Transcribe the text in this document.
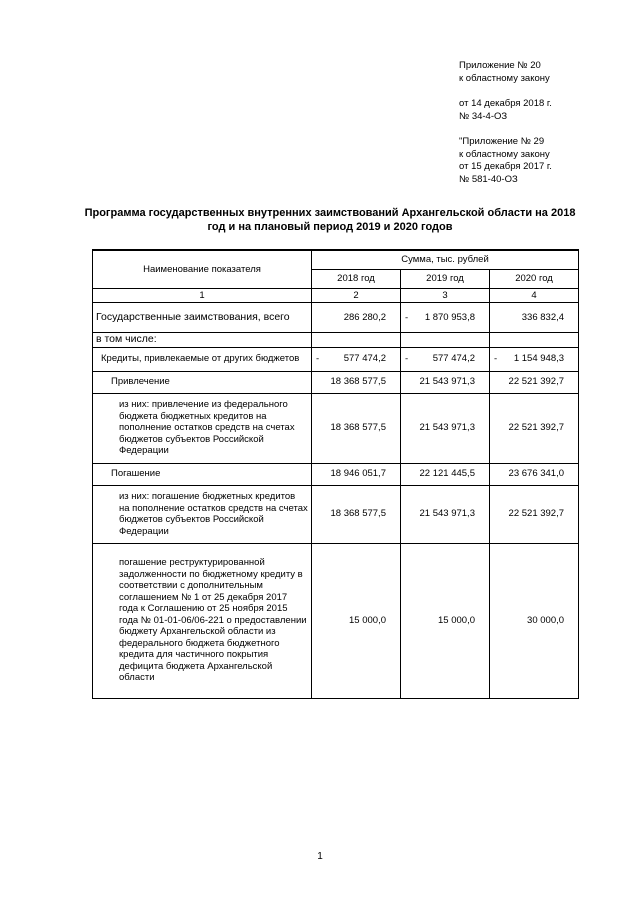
Приложение № 20
к областному закону
от 14 декабря 2018 г.
№ 34-4-ОЗ
"Приложение № 29
к областному закону
от 15 декабря 2017 г.
№ 581-40-ОЗ
Программа государственных внутренних заимствований Архангельской области на 2018 год и на плановый период 2019 и 2020 годов
Наименование показателя	Сумма, тыс. рублей		
	2018 год	2019 год	2020 год
1	2	3	4
Государственные заимствования, всего	286 280,2	- 1 870 953,8	336 832,4
в том числе:			
Кредиты, привлекаемые от других бюджетов	- 577 474,2	- 577 474,2	- 1 154 948,3
Привлечение	18 368 577,5	21 543 971,3	22 521 392,7
из них: привлечение из федерального бюджета бюджетных кредитов на пополнение остатков средств на счетах бюджетов субъектов Российской Федерации	18 368 577,5	21 543 971,3	22 521 392,7
Погашение	18 946 051,7	22 121 445,5	23 676 341,0
из них: погашение бюджетных кредитов на пополнение остатков средств на счетах бюджетов субъектов Российской Федерации	18 368 577,5	21 543 971,3	22 521 392,7
погашение реструктурированной задолженности по бюджетному кредиту в соответствии с дополнительным соглашением № 1 от 25 декабря 2017 года к Соглашению от 25 ноября 2015 года № 01-01-06/06-221 о предоставлении бюджету Архангельской области из федерального бюджета бюджетного кредита для частичного покрытия дефицита бюджета Архангельской области	15 000,0	15 000,0	30 000,0
1
